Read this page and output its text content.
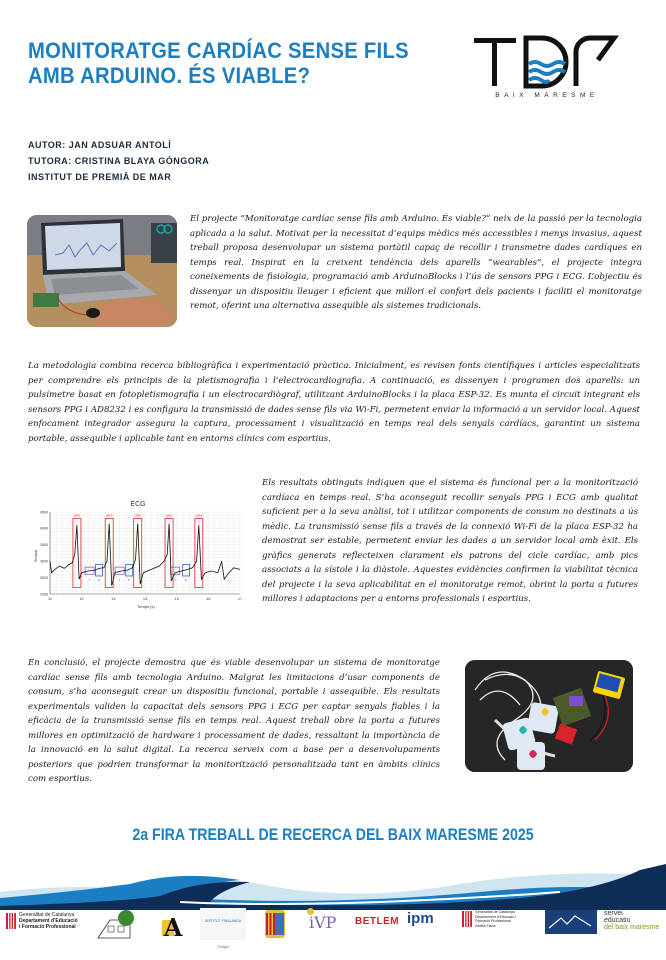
MONITORATGE CARDÍAC SENSE FILS
AMB ARDUINO. ÉS VIABLE?
BAIX MARESME
AUTOR: JAN ADSUAR ANTOLÍ
TUTORA: CRISTINA BLAYA GÓNGORA
INSTITUT DE PREMIÀ DE MAR
El projecte “Monitoratge cardíac sense fils amb Arduino. És viable?” neix de la passió per la tecnologia aplicada a la salut. Motivat per la necessitat d’equips mèdics més accessibles i menys invasius, aquest treball proposa desenvolupar un sistema portàtil capaç de recollir i transmetre dades cardíques en temps real. Inspirat en la creixent tendència dels aparells “wearables”, el projecte integra coneixements de fisiologia, programació amb ArduinoBlocks i l’ús de sensors PPG i ECG. L’objectiu és dissenyar un dispositiu lleuger i eficient que millori el confort dels pacients i faciliti el monitoratge remot, oferint una alternativa assequible als sistemes tradicionals.
La metodologia combina recerca bibliogràfica i experimentació pràctica. Inicialment, es revisen fonts científiques i articles especialitzats per comprendre els principis de la pletismografia i l’electrocardiografia. A continuació, es dissenyen i programen dos aparells: un pulsímetre basat en fotopletismografia i un electrocardiògraf, utilitzant ArduinoBlocks i la placa ESP-32. Es munta el circuit integrant els sensors PPG i AD8232 i es configura la transmissió de dades sense fils via Wi-Fi, permetent enviar la informació a un servidor local. Aquest enfocament integrador assegura la captura, processament i visualització en temps real dels senyals cardíacs, garantint un sistema portable, assequible i aplicable tant en entorns clínics com esportius.
ECG
Senyal
Temps (s)
11	12	13	14	15	16	17
2000
2500
3000
3500
4000
4500
QRS	QRS	QRS	QRS	QRS
T	T	T
P	P	P
Els resultats obtinguts indiquen que el sistema és funcional per a la monitorització cardíaca en temps real. S’ha aconseguit recollir senyals PPG i ECG amb qualitat suficient per a la seva anàlisi, tot i utilitzar components de consum no destinats a ús mèdic. La transmissió sense fils a través de la connexió Wi-Fi de la placa ESP-32 ha demostrat ser estable, permetent enviar les dades a un servidor local amb èxit. Els gràfics generats reflecteixen clarament els patrons del cicle cardíac, amb pics associats a la sístole i la diàstole. Aquestes evidències confirmen la viabilitat tècnica del projecte i la seva aplicabilitat en el monitoratge remot, obrint la porta a futures millores i adaptacions per a entorns professionals i esportius.
En conclusió, el projecte demostra que és viable desenvolupar un sistema de monitoratge cardíac sense fils amb tecnologia Arduino. Malgrat les limitacions d’usar components de consum, s’ha aconseguit crear un dispositiu funcional, portable i assequible. Els resultats experimentals validen la capacitat dels sensors PPG i ECG per captar senyals fiables i la eficàcia de la transmissió sense fils en temps real. Aquest treball obre la porta a futures millores en optimització de hardware i processament de dades, ressaltant la importància de la innovació en la salut digital. La recerca serveix com a base per a desenvolupaments posteriors que podrien transformar la monitorització personalitzada tant en àmbits clínics com esportius.
2a FIRA TREBALL DE RECERCA DEL BAIX MARESME 2025
Generalitat de Catalunya
Departament d’Educació
i Formació Professional	A	INSTITUT FINALANSA Portgol
iVP BETLEM ipm	Generalitat de Catalunya
Departament d’Educació i
Formació Professional
Institut Tiana
servei
educatiu
del baix maresme
